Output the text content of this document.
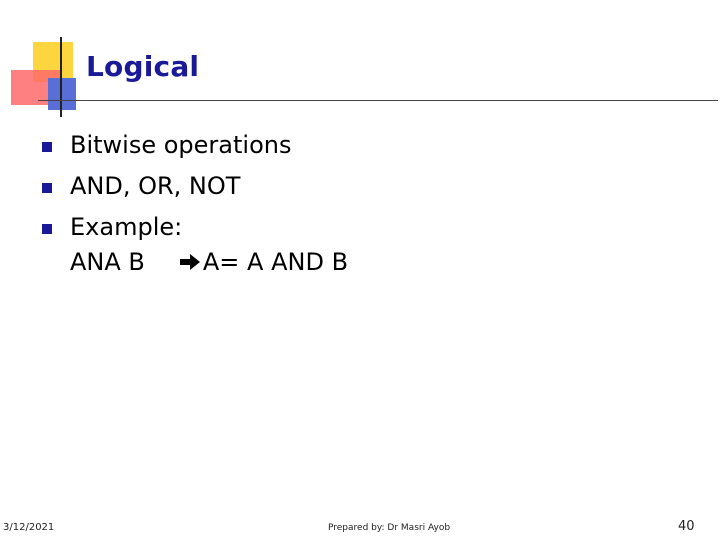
Logical
Bitwise operations
AND, OR, NOT
Example:
ANA B A= A AND B
3/12/2021	Prepared by: Dr Masri Ayob	40
